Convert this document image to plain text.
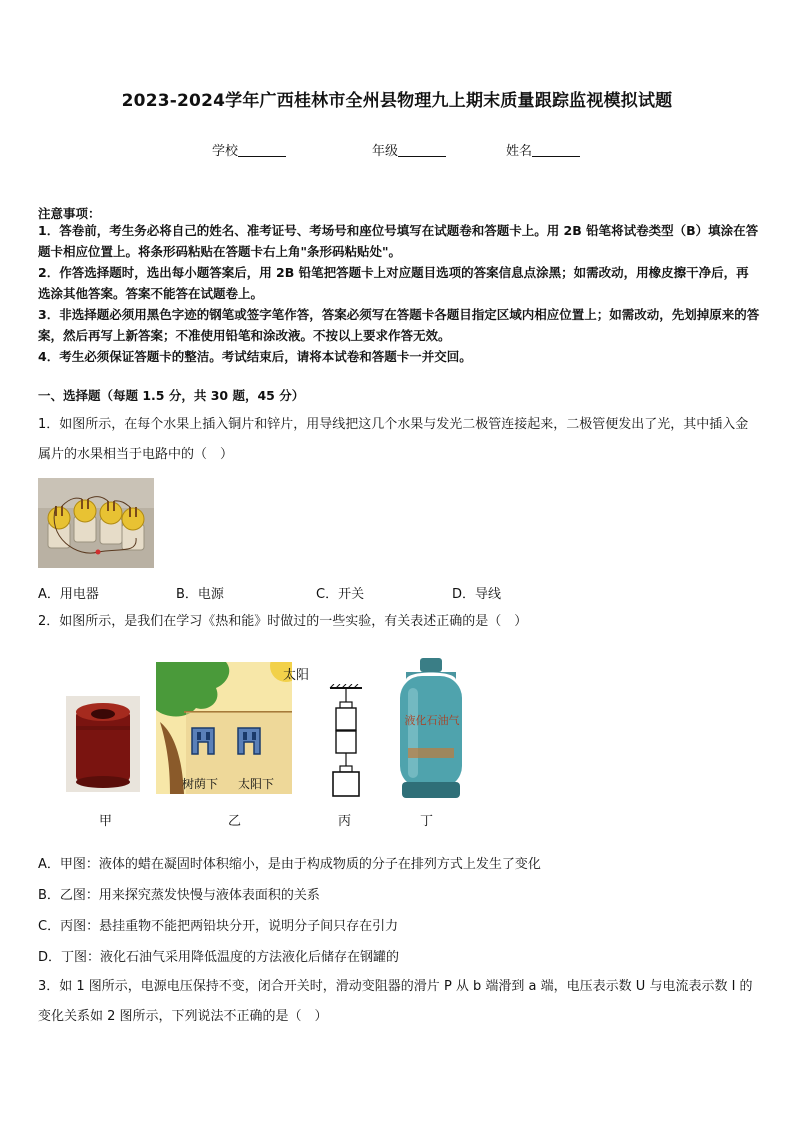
2023-2024学年广西桂林市全州县物理九上期末质量跟踪监视模拟试题
学校	年级	姓名
注意事项：
1．答卷前，考生务必将自己的姓名、准考证号、考场号和座位号填写在试题卷和答题卡上。用 2B 铅笔将试卷类型（B）填涂在答题卡相应位置上。将条形码粘贴在答题卡右上角"条形码粘贴处"。
2．作答选择题时，选出每小题答案后，用 2B 铅笔把答题卡上对应题目选项的答案信息点涂黑；如需改动，用橡皮擦干净后，再选涂其他答案。答案不能答在试题卷上。
3．非选择题必须用黑色字迹的钢笔或签字笔作答，答案必须写在答题卡各题目指定区域内相应位置上；如需改动，先划掉原来的答案，然后再写上新答案；不准使用铅笔和涂改液。不按以上要求作答无效。
4．考生必须保证答题卡的整洁。考试结束后，请将本试卷和答题卡一并交回。
一、选择题（每题 1.5 分，共 30 题，45 分）
1．如图所示，在每个水果上插入铜片和锌片，用导线把这几个水果与发光二极管连接起来，二极管便发出了光，其中插入金属片的水果相当于电路中的（　）
A．用电器	B．电源	C．开关	D．导线
2．如图所示，是我们在学习《热和能》时做过的一些实验，有关表述正确的是（　）
太阳
树荫下 太阳下
液化石油气
甲	乙	丙	丁
A．甲图：液体的蜡在凝固时体积缩小，是由于构成物质的分子在排列方式上发生了变化
B．乙图：用来探究蒸发快慢与液体表面积的关系
C．丙图：悬挂重物不能把两铅块分开，说明分子间只存在引力
D．丁图：液化石油气采用降低温度的方法液化后储存在钢罐的
3．如 1 图所示，电源电压保持不变，闭合开关时，滑动变阻器的滑片 P 从 b 端滑到 a 端，电压表示数 U 与电流表示数 I 的变化关系如 2 图所示，下列说法不正确的是（　）
